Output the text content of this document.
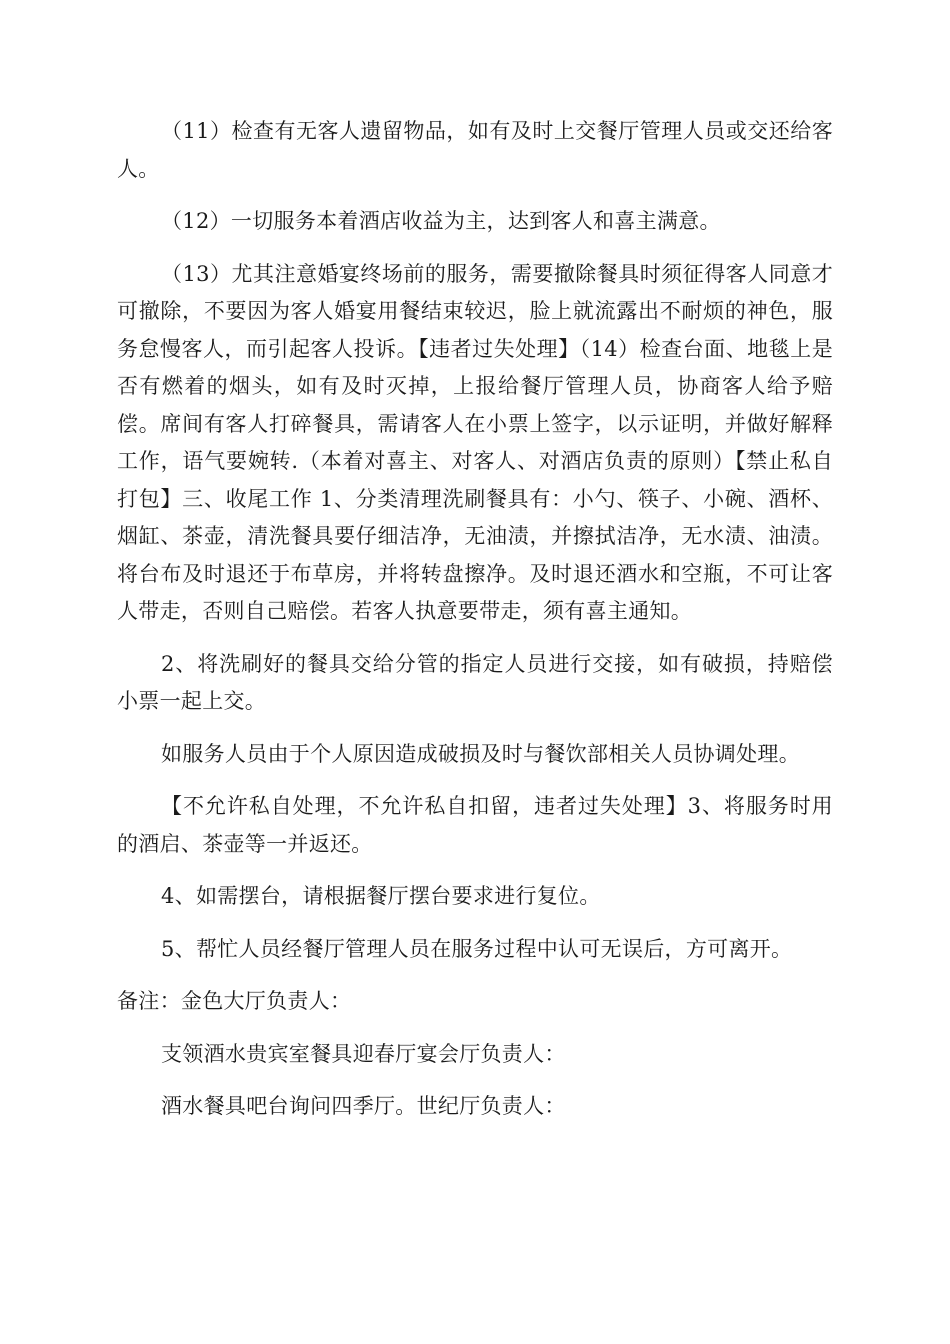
（11）检查有无客人遗留物品，如有及时上交餐厅管理人员或交还给客人。

（12）一切服务本着酒店收益为主，达到客人和喜主满意。

（13）尤其注意婚宴终场前的服务，需要撤除餐具时须征得客人同意才可撤除，不要因为客人婚宴用餐结束较迟，脸上就流露出不耐烦的神色，服务怠慢客人，而引起客人投诉。【违者过失处理】（14）检查台面、地毯上是否有燃着的烟头，如有及时灭掉，上报给餐厅管理人员，协商客人给予赔偿。席间有客人打碎餐具，需请客人在小票上签字，以示证明，并做好解释工作，语气要婉转.（本着对喜主、对客人、对酒店负责的原则）【禁止私自打包】三、收尾工作 1、分类清理洗刷餐具有：小勺、筷子、小碗、酒杯、烟缸、茶壶，清洗餐具要仔细洁净，无油渍，并擦拭洁净，无水渍、油渍。将台布及时退还于布草房，并将转盘擦净。及时退还酒水和空瓶，不可让客人带走，否则自己赔偿。若客人执意要带走，须有喜主通知。

2、将洗刷好的餐具交给分管的指定人员进行交接，如有破损，持赔偿小票一起上交。

如服务人员由于个人原因造成破损及时与餐饮部相关人员协调处理。

【不允许私自处理，不允许私自扣留，违者过失处理】3、将服务时用的酒启、茶壶等一并返还。

4、如需摆台，请根据餐厅摆台要求进行复位。

5、帮忙人员经餐厅管理人员在服务过程中认可无误后，方可离开。

备注：金色大厅负责人：

支领酒水贵宾室餐具迎春厅宴会厅负责人：

酒水餐具吧台询问四季厅。世纪厅负责人：
